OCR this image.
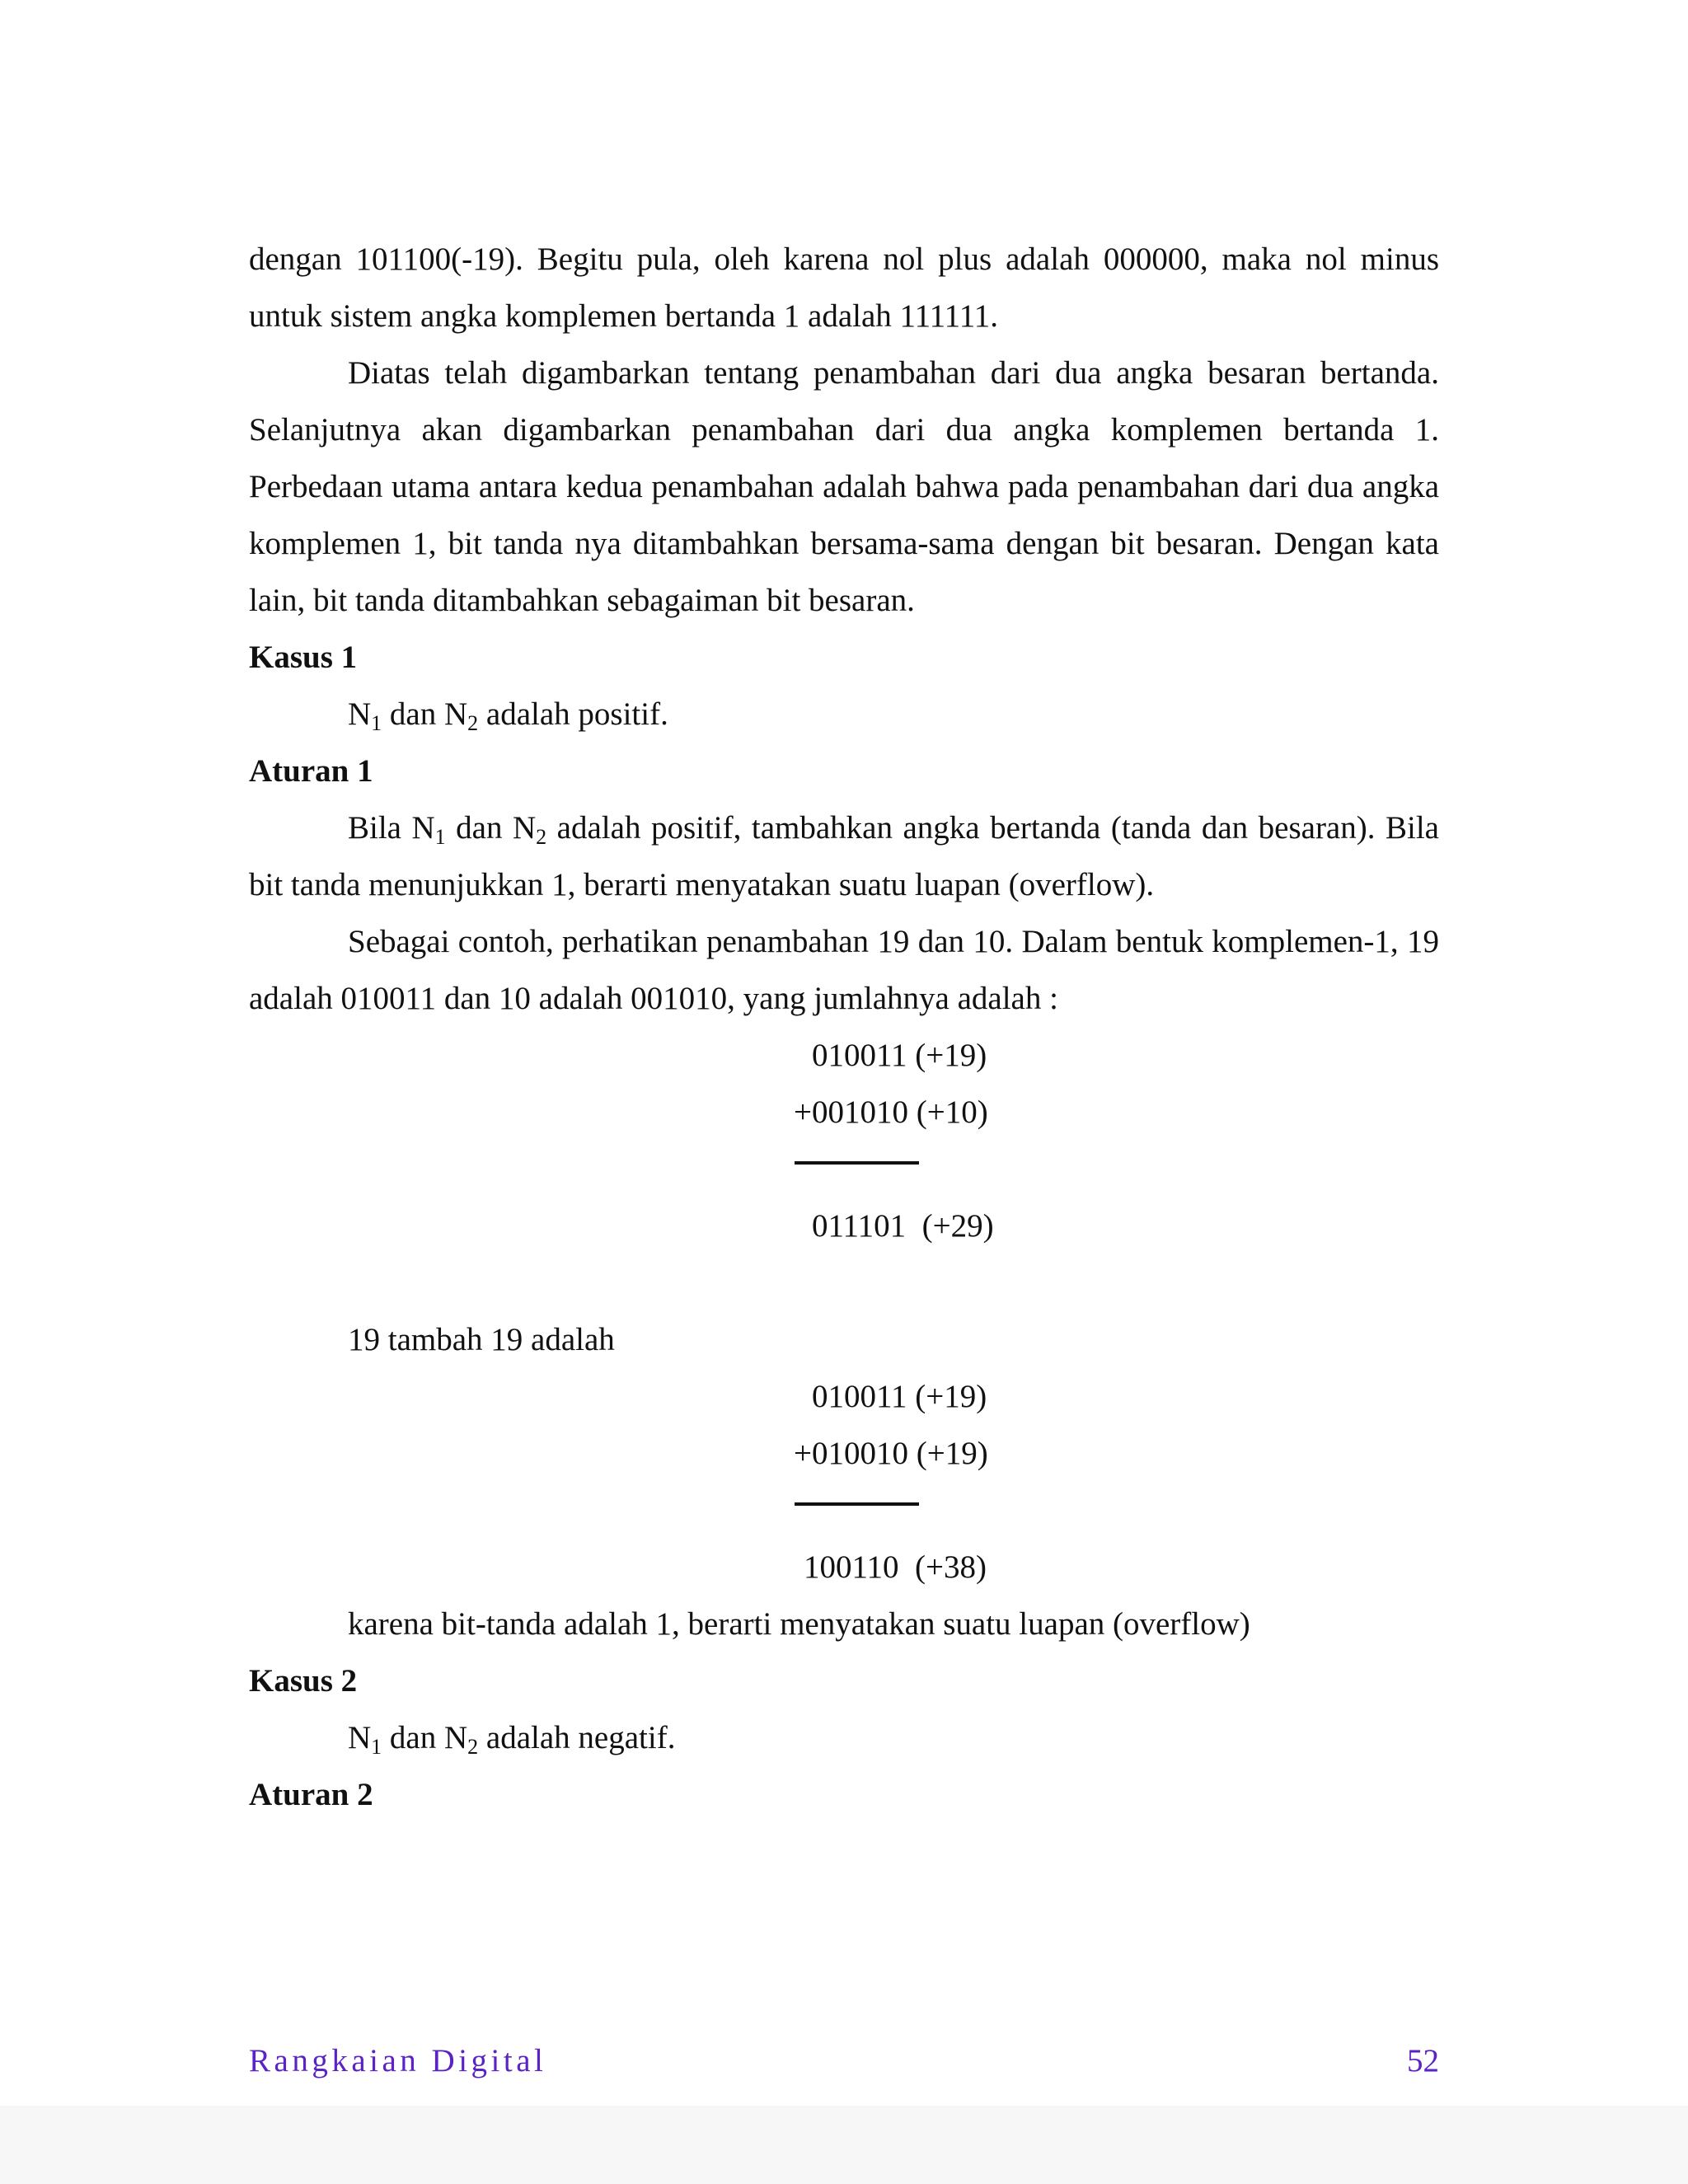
dengan 101100(-19). Begitu pula, oleh karena nol plus adalah 000000, maka nol minus untuk sistem angka komplemen bertanda 1 adalah 111111.

Diatas telah digambarkan tentang penambahan dari dua angka besaran bertanda. Selanjutnya akan digambarkan penambahan dari dua angka komplemen bertanda 1. Perbedaan utama antara kedua penambahan adalah bahwa pada penambahan dari dua angka komplemen 1, bit tanda nya ditambahkan bersama-sama dengan bit besaran. Dengan kata lain, bit tanda ditambahkan sebagaiman bit besaran.

Kasus 1

$N_1$ dan $N_2$ adalah positif.

Aturan 1

Bila $N_1$ dan $N_2$ adalah positif, tambahkan angka bertanda (tanda dan besaran). Bila bit tanda menunjukkan 1, berarti menyatakan suatu luapan (overflow).

Sebagai contoh, perhatikan penambahan 19 dan 10. Dalam bentuk komplemen-1, 19 adalah 010011 dan 10 adalah 001010, yang jumlahnya adalah :

010011 (+19)
+001010 (+10)
011101  (+29)

19 tambah 19 adalah

010011 (+19)
+010010 (+19)
100110  (+38)

karena bit-tanda adalah 1, berarti menyatakan suatu luapan (overflow)

Kasus 2

$N_1$ dan $N_2$ adalah negatif.

Aturan 2

Rangkaian Digital	52
